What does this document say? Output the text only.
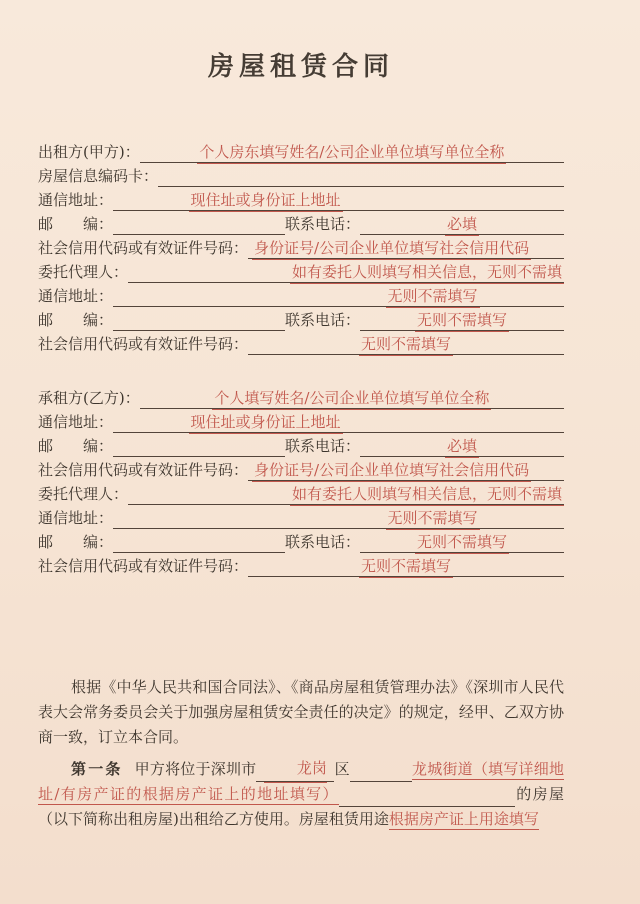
房屋租赁合同
出租方(甲方)：	个人房东填写姓名/公司企业单位填写单位全称
房屋信息编码卡：
通信地址：	现住址或身份证上地址
邮　　编：	联系电话：	必填
社会信用代码或有效证件号码： 身份证号/公司企业单位填写社会信用代码
委托代理人：	如有委托人则填写相关信息，无则不需填
通信地址：	无则不需填写
邮　　编：	联系电话：	无则不需填写
社会信用代码或有效证件号码：	无则不需填写
承租方(乙方)：	个人填写姓名/公司企业单位填写单位全称
通信地址：	现住址或身份证上地址
邮　　编：	联系电话：	必填
社会信用代码或有效证件号码： 身份证号/公司企业单位填写社会信用代码
委托代理人：	如有委托人则填写相关信息，无则不需填
通信地址：	无则不需填写
邮　　编：	联系电话：	无则不需填写
社会信用代码或有效证件号码：	无则不需填写

根据《中华人民共和国合同法》、《商品房屋租赁管理办法》《深圳市人民代表大会常务委员会关于加强房屋租赁安全责任的决定》的规定，经甲、乙双方协商一致，订立本合同。

第一条 甲方将位于深圳市	龙岗 区	龙城街道（填写详细地址/有房产证的根据房产证上的地址填写）	的房屋（以下简称出租房屋)出租给乙方使用。房屋租赁用途根据房产证上用途填写
